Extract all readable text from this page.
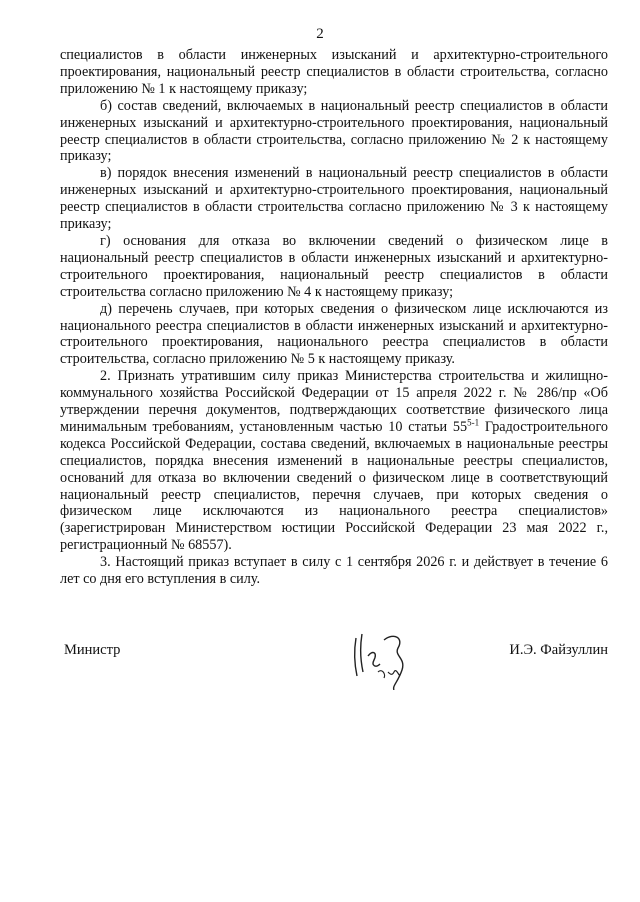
2

специалистов в области инженерных изысканий и архитектурно-строительного проектирования, национальный реестр специалистов в области строительства, согласно приложению № 1 к настоящему приказу;

б) состав сведений, включаемых в национальный реестр специалистов в области инженерных изысканий и архитектурно-строительного проектирования, национальный реестр специалистов в области строительства, согласно приложению № 2 к настоящему приказу;

в) порядок внесения изменений в национальный реестр специалистов в области инженерных изысканий и архитектурно-строительного проектирования, национальный реестр специалистов в области строительства согласно приложению № 3 к настоящему приказу;

г) основания для отказа во включении сведений о физическом лице в национальный реестр специалистов в области инженерных изысканий и архитектурно-строительного проектирования, национальный реестр специалистов в области строительства согласно приложению № 4 к настоящему приказу;

д) перечень случаев, при которых сведения о физическом лице исключаются из национального реестра специалистов в области инженерных изысканий и архитектурно-строительного проектирования, национального реестра специалистов в области строительства, согласно приложению № 5 к настоящему приказу.

2. Признать утратившим силу приказ Министерства строительства и жилищно-коммунального хозяйства Российской Федерации от 15 апреля 2022 г. № 286/пр «Об утверждении перечня документов, подтверждающих соответствие физического лица минимальным требованиям, установленным частью 10 статьи 55$^{5-1}$ Градостроительного кодекса Российской Федерации, состава сведений, включаемых в национальные реестры специалистов, порядка внесения изменений в национальные реестры специалистов, оснований для отказа во включении сведений о физическом лице в соответствующий национальный реестр специалистов, перечня случаев, при которых сведения о физическом лице исключаются из национального реестра специалистов» (зарегистрирован Министерством юстиции Российской Федерации 23 мая 2022 г., регистрационный № 68557).

3. Настоящий приказ вступает в силу с 1 сентября 2026 г. и действует в течение 6 лет со дня его вступления в силу.

Министр	И.Э. Файзуллин
